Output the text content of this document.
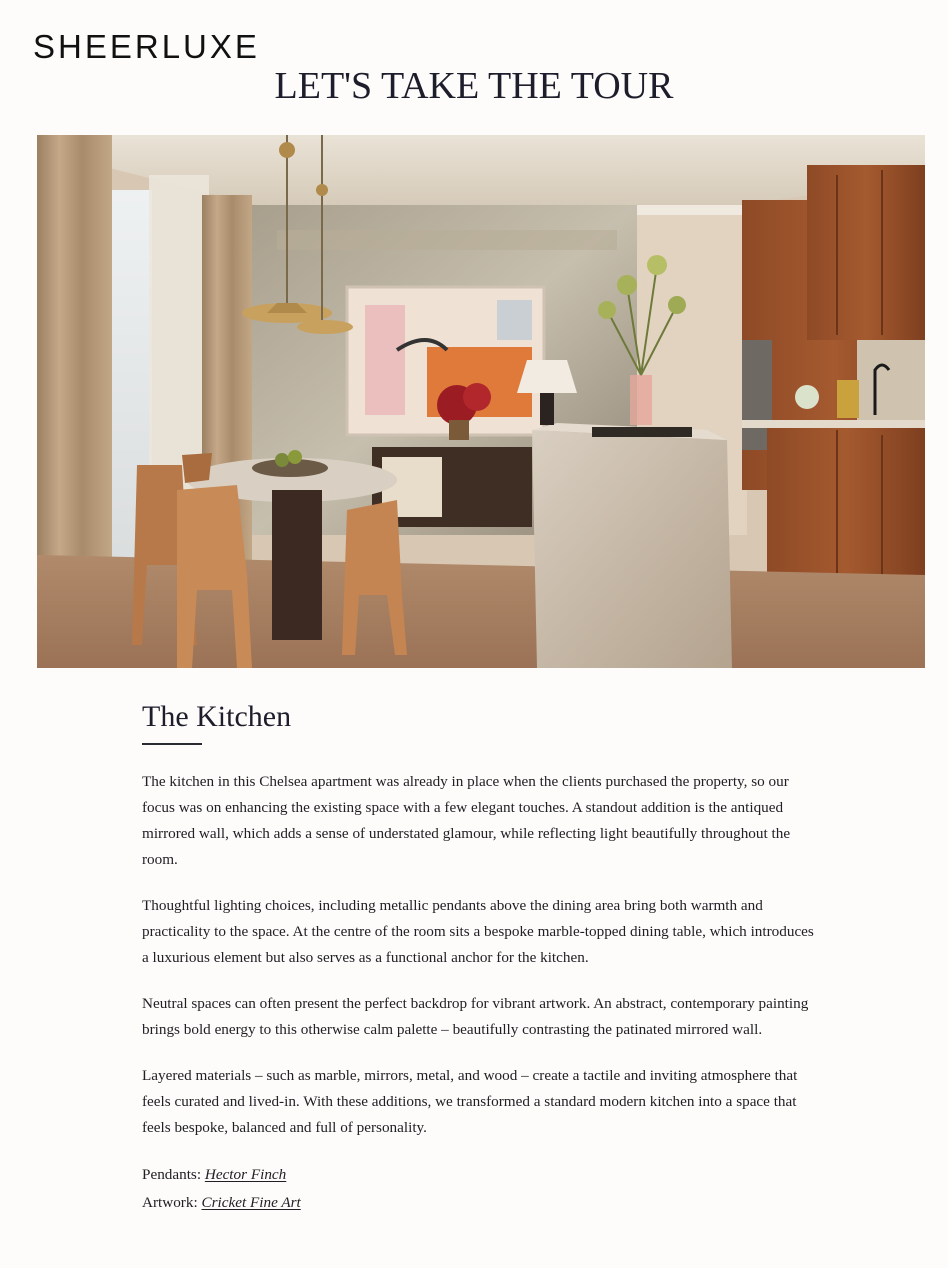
SHEERLUXE
LET'S TAKE THE TOUR
The Kitchen

The kitchen in this Chelsea apartment was already in place when the clients purchased the property, so our focus was on enhancing the existing space with a few elegant touches. A standout addition is the antiqued mirrored wall, which adds a sense of understated glamour, while reflecting light beautifully throughout the room.

Thoughtful lighting choices, including metallic pendants above the dining area bring both warmth and practicality to the space. At the centre of the room sits a bespoke marble-topped dining table, which introduces a luxurious element but also serves as a functional anchor for the kitchen.

Neutral spaces can often present the perfect backdrop for vibrant artwork. An abstract, contemporary painting brings bold energy to this otherwise calm palette – beautifully contrasting the patinated mirrored wall.

Layered materials – such as marble, mirrors, metal, and wood – create a tactile and inviting atmosphere that feels curated and lived-in. With these additions, we transformed a standard modern kitchen into a space that feels bespoke, balanced and full of personality.

Pendants: Hector Finch
Artwork: Cricket Fine Art
